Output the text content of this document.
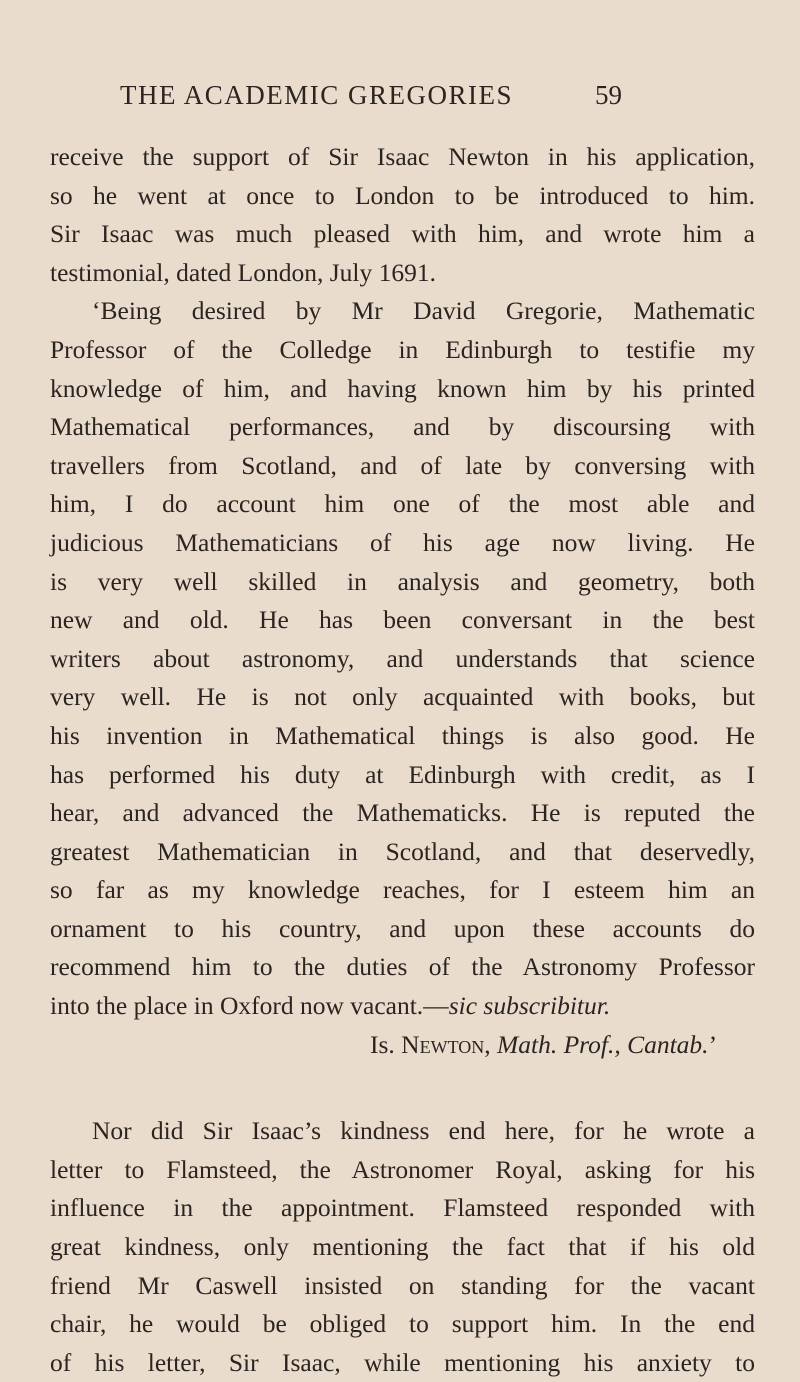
THE ACADEMIC GREGORIES	59
receive the support of Sir Isaac Newton in his application,
so he went at once to London to be introduced to him.
Sir Isaac was much pleased with him, and wrote him a
testimonial, dated London, July 1691.
‘Being desired by Mr David Gregorie, Mathematic
Professor of the Colledge in Edinburgh to testifie my
knowledge of him, and having known him by his printed
Mathematical performances, and by discoursing with
travellers from Scotland, and of late by conversing with
him, I do account him one of the most able and
judicious Mathematicians of his age now living. He
is very well skilled in analysis and geometry, both
new and old. He has been conversant in the best
writers about astronomy, and understands that science
very well. He is not only acquainted with books, but
his invention in Mathematical things is also good. He
has performed his duty at Edinburgh with credit, as I
hear, and advanced the Mathematicks. He is reputed the
greatest Mathematician in Scotland, and that deservedly,
so far as my knowledge reaches, for I esteem him an
ornament to his country, and upon these accounts do
recommend him to the duties of the Astronomy Professor
into the place in Oxford now vacant.—sic subscribitur.
Is. Newton, Math. Prof., Cantab.’
Nor did Sir Isaac’s kindness end here, for he wrote a
letter to Flamsteed, the Astronomer Royal, asking for his
influence in the appointment. Flamsteed responded with
great kindness, only mentioning the fact that if his old
friend Mr Caswell insisted on standing for the vacant
chair, he would be obliged to support him. In the end
of his letter, Sir Isaac, while mentioning his anxiety to
